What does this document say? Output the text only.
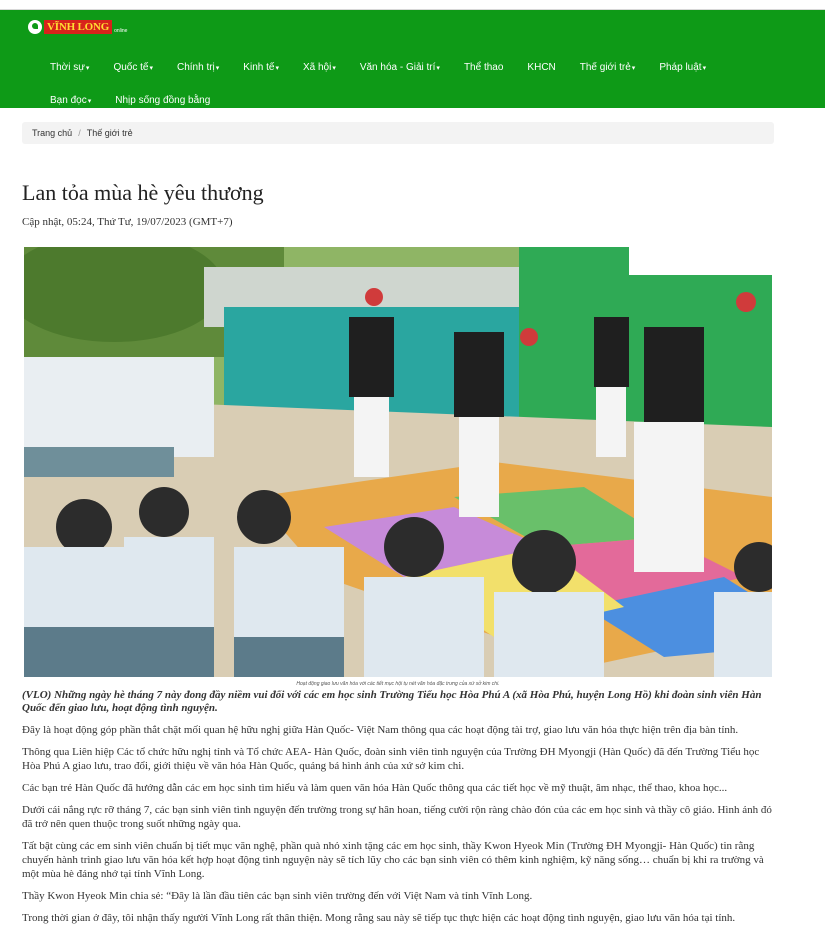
VĨNH LONG	online
Thời sự▾	Quốc tế▾	Chính trị▾	Kinh tế▾	Xã hội▾	Văn hóa - Giải trí▾	Thể thao	KHCN	Thế giới trẻ▾	Pháp luật▾
Bạn đọc▾	Nhịp sống đồng bằng
Trang chủ / Thế giới trẻ
Lan tỏa mùa hè yêu thương
Cập nhật, 05:24, Thứ Tư, 19/07/2023 (GMT+7)
Hoạt động giao lưu văn hóa với các tiết mục hội tụ nét văn hóa đặc trưng của xứ sở kim chi.
(VLO) Những ngày hè tháng 7 này đong đầy niềm vui đối với các em học sinh Trường Tiểu học Hòa Phú A (xã Hòa Phú, huyện Long Hồ) khi đoàn sinh viên Hàn Quốc đến giao lưu, hoạt động tình nguyện.
Đây là hoạt động góp phần thắt chặt mối quan hệ hữu nghị giữa Hàn Quốc- Việt Nam thông qua các hoạt động tài trợ, giao lưu văn hóa thực hiện trên địa bàn tỉnh.
Thông qua Liên hiệp Các tổ chức hữu nghị tỉnh và Tổ chức AEA- Hàn Quốc, đoàn sinh viên tình nguyện của Trường ĐH Myongji (Hàn Quốc) đã đến Trường Tiểu học Hòa Phú A giao lưu, trao đổi, giới thiệu về văn hóa Hàn Quốc, quảng bá hình ảnh của xứ sở kim chi.
Các bạn trẻ Hàn Quốc đã hướng dẫn các em học sinh tìm hiểu và làm quen văn hóa Hàn Quốc thông qua các tiết học về mỹ thuật, âm nhạc, thể thao, khoa học...
Dưới cái nắng rực rỡ tháng 7, các bạn sinh viên tình nguyện đến trường trong sự hân hoan, tiếng cười rộn ràng chào đón của các em học sinh và thầy cô giáo. Hình ảnh đó đã trở nên quen thuộc trong suốt những ngày qua.
Tất bật cùng các em sinh viên chuẩn bị tiết mục văn nghệ, phần quà nhỏ xinh tặng các em học sinh, thầy Kwon Hyeok Min (Trường ĐH Myongji- Hàn Quốc) tin rằng chuyến hành trình giao lưu văn hóa kết hợp hoạt động tình nguyện này sẽ tích lũy cho các bạn sinh viên có thêm kinh nghiệm, kỹ năng sống… chuẩn bị khi ra trường và một mùa hè đáng nhớ tại tỉnh Vĩnh Long.
Thầy Kwon Hyeok Min chia sẻ: “Đây là lần đầu tiên các bạn sinh viên trường đến với Việt Nam và tỉnh Vĩnh Long.
Trong thời gian ở đây, tôi nhận thấy người Vĩnh Long rất thân thiện. Mong rằng sau này sẽ tiếp tục thực hiện các hoạt động tình nguyện, giao lưu văn hóa tại tỉnh.
